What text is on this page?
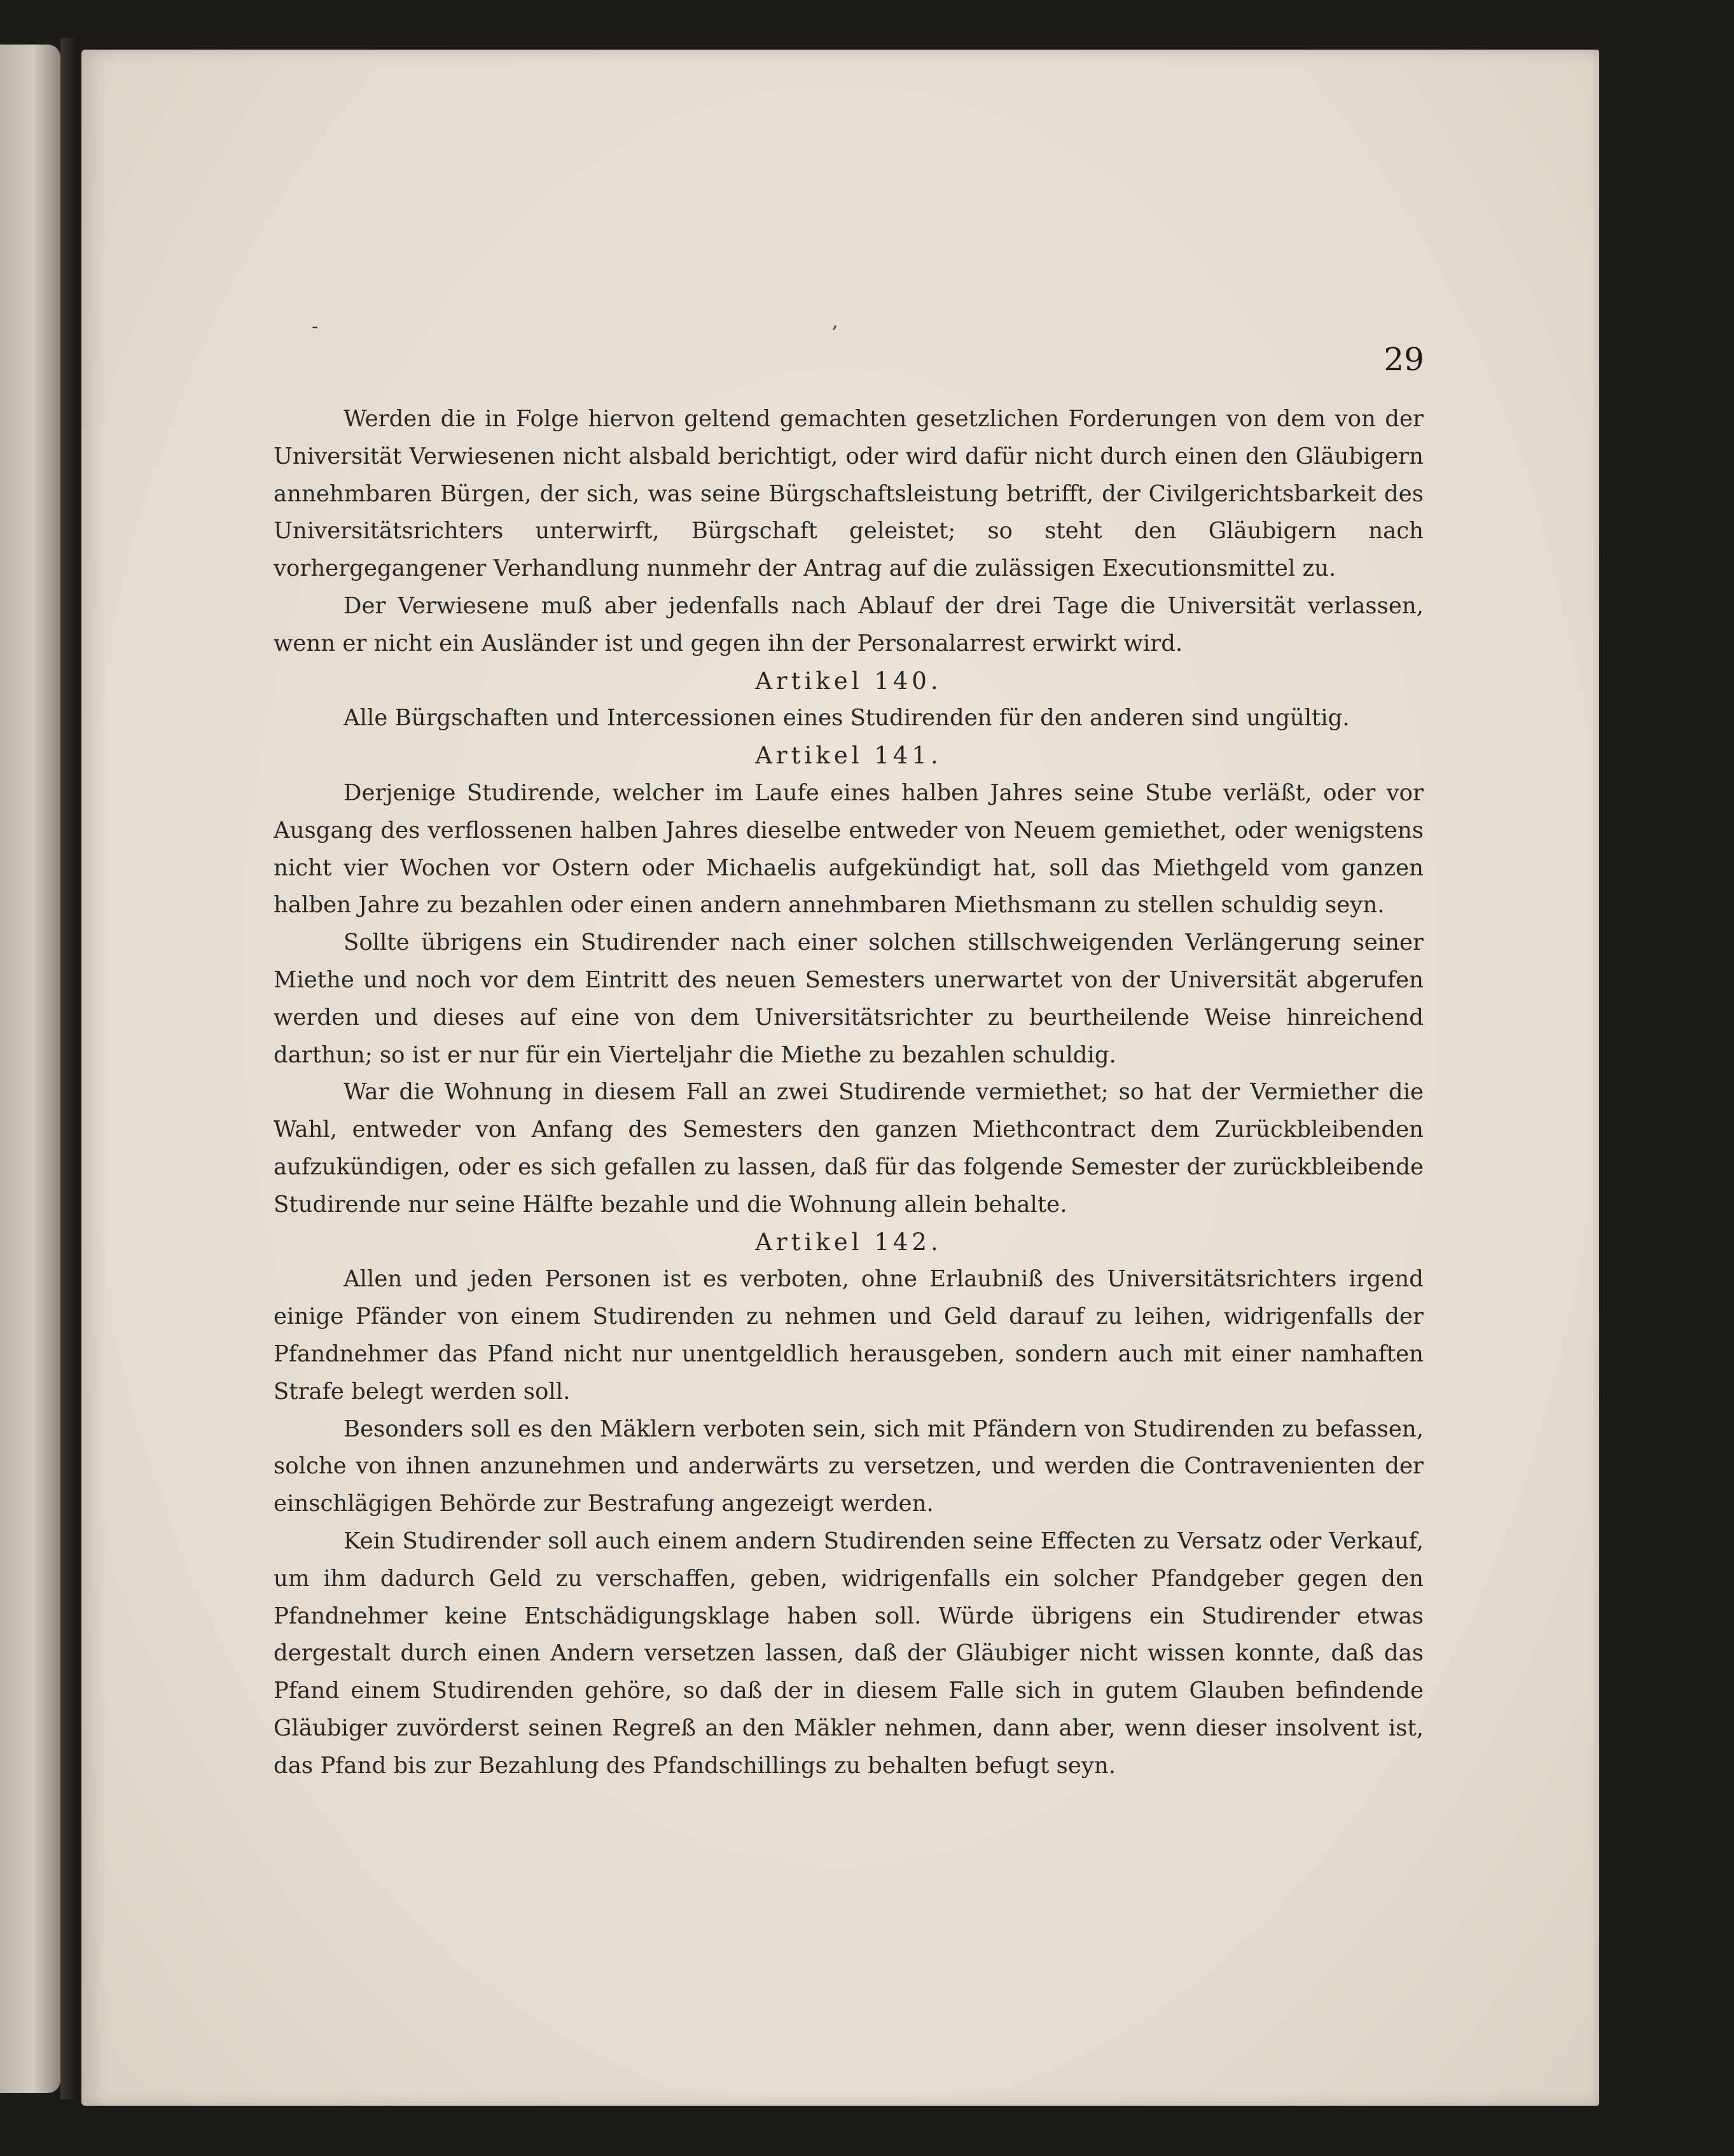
-	,
29

Werden die in Folge hiervon geltend gemachten gesetzlichen Forderungen von dem von der Universität Verwiesenen nicht alsbald berichtigt, oder wird dafür nicht durch einen den Gläubigern annehmbaren Bürgen, der sich, was seine Bürgschaftsleistung betrifft, der Civilgerichtsbarkeit des Universitätsrichters unterwirft, Bürgschaft geleistet; so steht den Gläubigern nach vorhergegangener Verhandlung nunmehr der Antrag auf die zulässigen Executionsmittel zu.

Der Verwiesene muß aber jedenfalls nach Ablauf der drei Tage die Universität verlassen, wenn er nicht ein Ausländer ist und gegen ihn der Personalarrest erwirkt wird.

Artikel 140.

Alle Bürgschaften und Intercessionen eines Studirenden für den anderen sind ungültig.

Artikel 141.

Derjenige Studirende, welcher im Laufe eines halben Jahres seine Stube verläßt, oder vor Ausgang des verflossenen halben Jahres dieselbe entweder von Neuem gemiethet, oder wenigstens nicht vier Wochen vor Ostern oder Michaelis aufgekündigt hat, soll das Miethgeld vom ganzen halben Jahre zu bezahlen oder einen andern annehmbaren Miethsmann zu stellen schuldig seyn.

Sollte übrigens ein Studirender nach einer solchen stillschweigenden Verlängerung seiner Miethe und noch vor dem Eintritt des neuen Semesters unerwartet von der Universität abgerufen werden und dieses auf eine von dem Universitätsrichter zu beurtheilende Weise hinreichend darthun; so ist er nur für ein Vierteljahr die Miethe zu bezahlen schuldig.

War die Wohnung in diesem Fall an zwei Studirende vermiethet; so hat der Vermiether die Wahl, entweder von Anfang des Semesters den ganzen Miethcontract dem Zurückbleibenden aufzukündigen, oder es sich gefallen zu lassen, daß für das folgende Semester der zurückbleibende Studirende nur seine Hälfte bezahle und die Wohnung allein behalte.

Artikel 142.

Allen und jeden Personen ist es verboten, ohne Erlaubniß des Universitätsrichters irgend einige Pfänder von einem Studirenden zu nehmen und Geld darauf zu leihen, widrigenfalls der Pfandnehmer das Pfand nicht nur unentgeldlich herausgeben, sondern auch mit einer namhaften Strafe belegt werden soll.

Besonders soll es den Mäklern verboten sein, sich mit Pfändern von Studirenden zu befassen, solche von ihnen anzunehmen und anderwärts zu versetzen, und werden die Contravenienten der einschlägigen Behörde zur Bestrafung angezeigt werden.

Kein Studirender soll auch einem andern Studirenden seine Effecten zu Versatz oder Verkauf, um ihm dadurch Geld zu verschaffen, geben, widrigenfalls ein solcher Pfandgeber gegen den Pfandnehmer keine Entschädigungsklage haben soll. Würde übrigens ein Studirender etwas dergestalt durch einen Andern versetzen lassen, daß der Gläubiger nicht wissen konnte, daß das Pfand einem Studirenden gehöre, so daß der in diesem Falle sich in gutem Glauben befindende Gläubiger zuvörderst seinen Regreß an den Mäkler nehmen, dann aber, wenn dieser insolvent ist, das Pfand bis zur Bezahlung des Pfandschillings zu behalten befugt seyn.
